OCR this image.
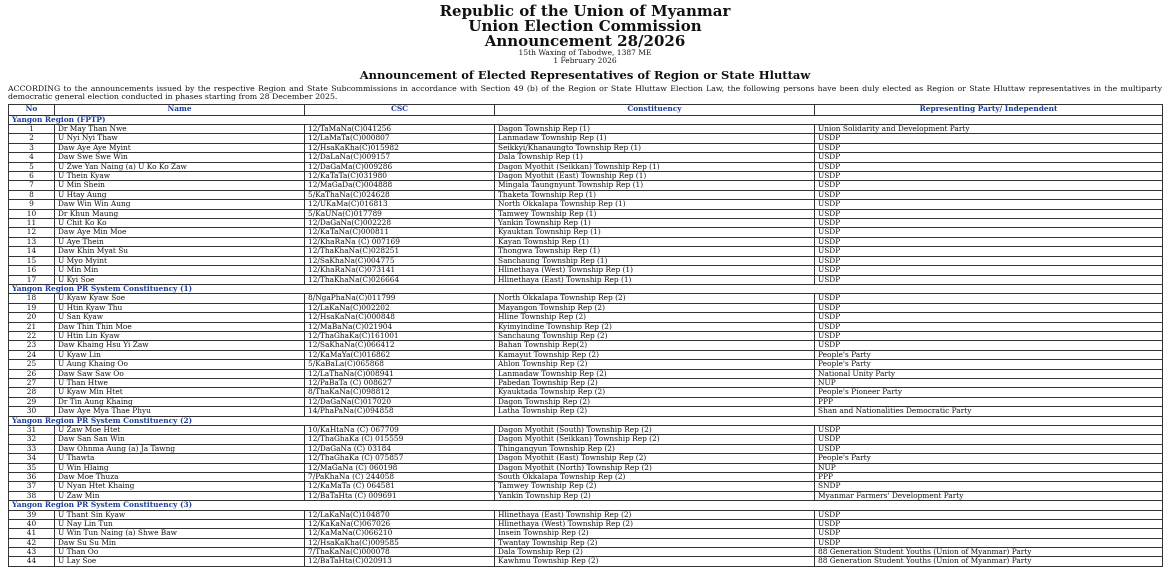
Republic of the Union of Myanmar

Union Election Commission

Announcement 28/2026

15th Waxing of Tabodwe, 1387 ME

1 February 2026

Announcement of Elected Representatives of Region or State Hluttaw

ACCORDING to the announcements issued by the respective Region and State Subcommissions in accordance with Section 49 (b) of the Region or State Hluttaw Election Law, the following persons have been duly elected as Region or State Hluttaw representatives in the multiparty democratic general election conducted in phases starting from 28 December 2025.

No	Name	CSC	Constituency	Representing Party/ Independent
Yangon Region (FPTP)				
1	Dr May Than Nwe	12/TaMaNa(C)041256	Dagon Township Rep (1)	Union Solidarity and Development Party
2	U Nyi Nyi Thaw	12/LaMaTa(C)000807	Lanmadaw Township Rep (1)	USDP
3	Daw Aye Aye Myint	12/HsaKaKha(C)015982	Seikkyi/Khanaungto Township Rep (1)	USDP
4	Daw Swe Swe Win	12/DaLaNa(C)009157	Dala Township Rep (1)	USDP
5	U Zwe Yan Naing (a) U Ko Ko Zaw	12/DaGaMa(C)009286	Dagon Myothit (Seikkan) Township Rep (1)	USDP
6	U Thein Kyaw	12/KaTaTa(C)031980	Dagon Myothit (East) Township Rep (1)	USDP
7	U Min Shein	12/MaGaDa(C)004888	Mingala Taungnyunt Township Rep (1)	USDP
8	U Htay Aung	5/KaThaNa(C)024628	Thaketa Township Rep (1)	USDP
9	Daw Win Win Aung	12/UKaMa(C)016813	North Okkalapa Township Rep (1)	USDP
10	Dr Khun Maung	5/KaUNa(C)017789	Tamwey Township Rep (1)	USDP
11	U Chit Ko Ko	12/DaGaNa(C)002228	Yankin Township Rep (1)	USDP
12	Daw Aye Min Moe	12/KaTaNa(C)000811	Kyauktan Township Rep (1)	USDP
13	U Aye Thein	12/KhaRaNa (C) 007169	Kayan Township Rep (1)	USDP
14	Daw Khin Myat Su	12/ThaKhaNa(C)028251	Thongwa Township Rep (1)	USDP
15	U Myo Myint	12/SaKhaNa(C)004775	Sanchaung Township Rep (1)	USDP
16	U Min Min	12/KhaRaNa(C)073141	Hlinethaya (West) Township Rep (1)	USDP
17	U Kyi Soe	12/ThaKhaNa(C)026664	Hlinethaya (East) Township Rep (1)	USDP
Yangon Region PR System Constituency (1)				
18	U Kyaw Kyaw Soe	8/NgaPhaNa(C)011799	North Okkalapa Township Rep (2)	USDP
19	U Htin Kyaw Thu	12/LaKaNa(C)002202	Mayangon Township Rep (2)	USDP
20	U San Kyaw	12/HsaKaNa(C)000848	Hline Township Rep (2)	USDP
21	Daw Thin Thin Moe	12/MaBaNa(C)021904	Kyimyindine Township Rep (2)	USDP
22	U Htin Lin Kyaw	12/ThaGhaKa(C)161001	Sanchaung Township Rep (2)	USDP
23	Daw Khaing Hsu Yi Zaw	12/SaKhaNa(C)066412	Bahan Township Rep(2)	USDP
24	U Kyaw Lin	12/KaMaYa(C)016862	Kamayut Township Rep (2)	People's Party
25	U Aung Khaing Oo	5/KaBaLa(C)065868	Ahlon Township Rep (2)	People's Party
26	Daw Saw Saw Oo	12/LaThaNa(C)008941	Lanmadaw Township Rep (2)	National Unity Party
27	U Than Htwe	12/PaBaTa (C) 008627	Pabedan Township Rep (2)	NUP
28	U Kyaw Min Htet	8/ThaKaNa(C)098812	Kyauktada Township Rep (2)	People's Pioneer Party
29	Dr Tin Aung Khaing	12/DaGaNa(C)017020	Dagon Township Rep (2)	PPP
30	Daw Aye Mya Thae Phyu	14/PhaPaNa(C)094858	Latha Township Rep (2)	Shan and Nationalities Democratic Party
Yangon Region PR System Constituency (2)				
31	U Zaw Moe Htet	10/KaHtaNa (C) 067709	Dagon Myothit (South) Township Rep (2)	USDP
32	Daw San San Win	12/ThaGhaKa (C) 015559	Dagon Myothit (Seikkan) Township Rep (2)	USDP
33	Daw Ohnma Aung (a) Ja Tawng	12/DaGaNa (C) 03184	Thingangyun Township Rep (2)	USDP
34	U Thawta	12/ThaGhaKa (C) 075857	Dagon Myothit (East) Township Rep (2)	People's Party
35	U Win Hlaing	12/MaGaNa (C) 060198	Dagon Myothit (North) Township Rep (2)	NUP
36	Daw Moe Thuza	7/PaKhaNa (C) 244058	South Okkalapa Township Rep (2)	PPP
37	U Nyan Htet Khaing	12/KaMaTa (C) 064581	Tamwey Township Rep (2)	SNDP
38	U Zaw Min	12/BaTaHta (C) 009691	Yankin Township Rep (2)	Myanmar Farmers' Development Party
Yangon Region PR System Constituency (3)				
39	U Thant Sin Kyaw	12/LaKaNa(C)104870	Hlinethaya (East) Township Rep (2)	USDP
40	U Nay Lin Tun	12/KaKaNa(C)067026	Hlinethaya (West) Township Rep (2)	USDP
41	U Win Tun Naing (a) Shwe Baw	12/KaMaNa(C)066210	Insein Township Rep (2)	USDP
42	Daw Su Su Min	12/HsaKaKha(C)009585	Twantay Township Rep (2)	USDP
43	U Than Oo	7/ThaKaNa(C)000078	Dala Township Rep (2)	88 Generation Student Youths (Union of Myanmar) Party
44	U Lay Soe	12/BaTaHta(C)020913	Kawhmu Township Rep (2)	88 Generation Student Youths (Union of Myanmar) Party
